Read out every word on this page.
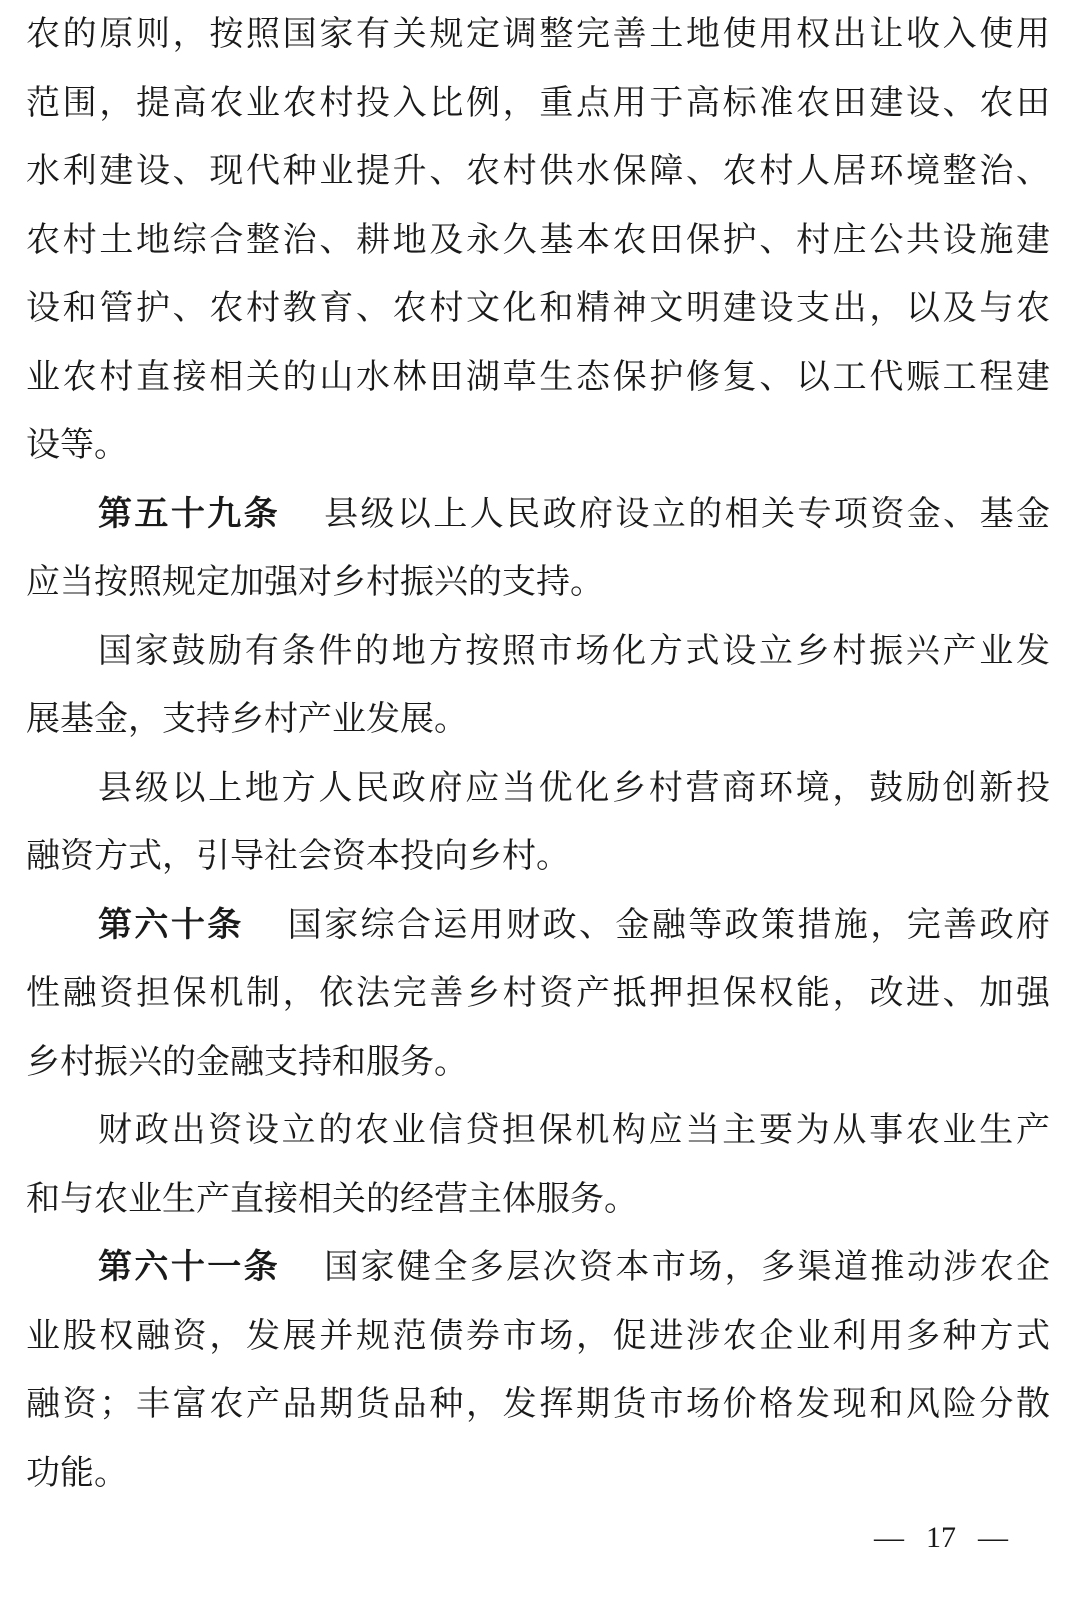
农的原则，按照国家有关规定调整完善土地使用权出让收入使用
范围，提高农业农村投入比例，重点用于高标准农田建设、农田
水利建设、现代种业提升、农村供水保障、农村人居环境整治、
农村土地综合整治、耕地及永久基本农田保护、村庄公共设施建
设和管护、农村教育、农村文化和精神文明建设支出，以及与农
业农村直接相关的山水林田湖草生态保护修复、以工代赈工程建
设等。
第五十九条 县级以上人民政府设立的相关专项资金、基金
应当按照规定加强对乡村振兴的支持。
国家鼓励有条件的地方按照市场化方式设立乡村振兴产业发
展基金，支持乡村产业发展。
县级以上地方人民政府应当优化乡村营商环境，鼓励创新投
融资方式，引导社会资本投向乡村。
第六十条 国家综合运用财政、金融等政策措施，完善政府
性融资担保机制，依法完善乡村资产抵押担保权能，改进、加强
乡村振兴的金融支持和服务。
财政出资设立的农业信贷担保机构应当主要为从事农业生产
和与农业生产直接相关的经营主体服务。
第六十一条 国家健全多层次资本市场，多渠道推动涉农企
业股权融资，发展并规范债券市场，促进涉农企业利用多种方式
融资；丰富农产品期货品种，发挥期货市场价格发现和风险分散
功能。
— 17 —
